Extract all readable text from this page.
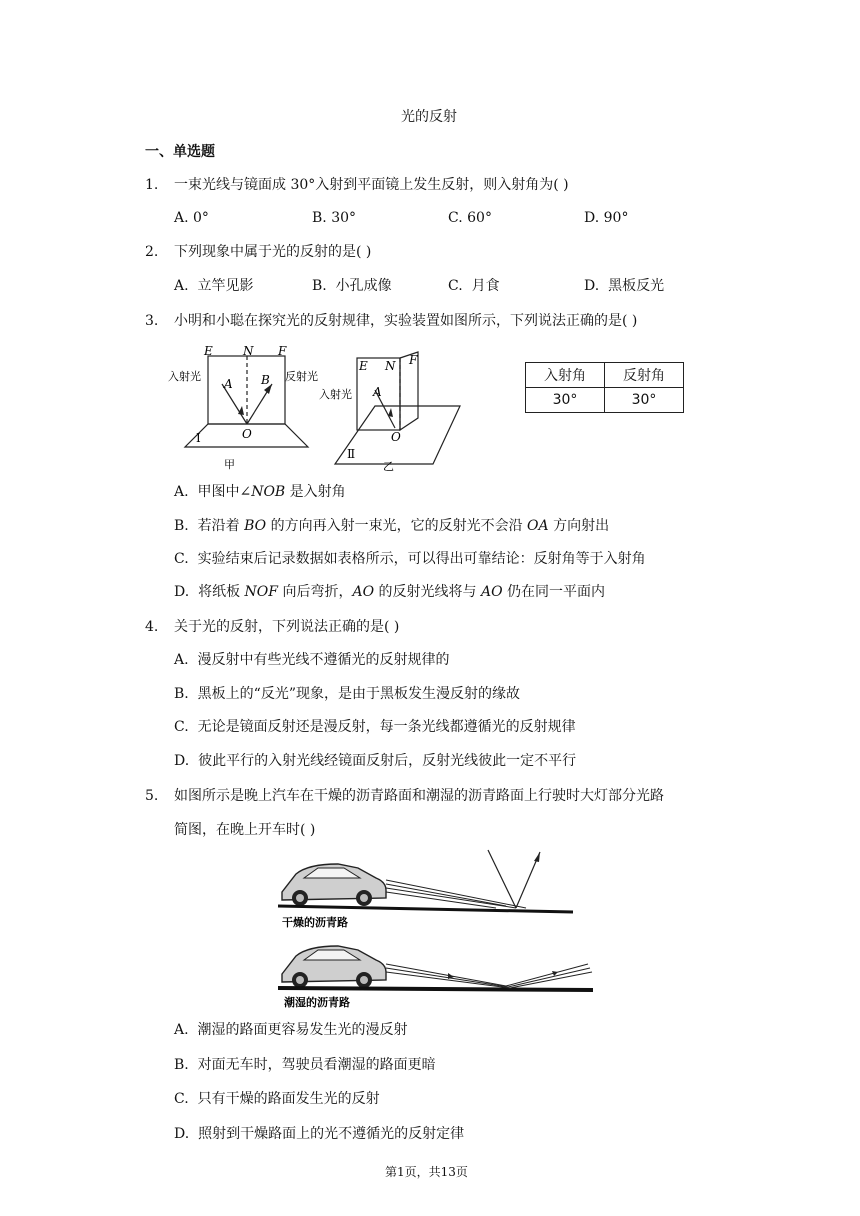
光的反射
一、单选题
1. 一束光线与镜面成 30°入射到平面镜上发生反射，则入射角为( )
A. 0°	B. 30°	C. 60°	D. 90°
2. 下列现象中属于光的反射的是( )
A. 立竿见影	B. 小孔成像	C. 月食	D. 黑板反光
3. 小明和小聪在探究光的反射规律，实验装置如图所示，下列说法正确的是( )
E	N F
A B
O
入射光	反射光
Ⅰ
甲
E N F
A
O
入射光
Ⅱ
乙
入射角	反射角
30°	30°
A. 甲图中∠NOB 是入射角
B. 若沿着 BO 的方向再入射一束光，它的反射光不会沿 OA 方向射出
C. 实验结束后记录数据如表格所示，可以得出可靠结论：反射角等于入射角
D. 将纸板 NOF 向后弯折，AO 的反射光线将与 AO 仍在同一平面内
4. 关于光的反射，下列说法正确的是( )
A. 漫反射中有些光线不遵循光的反射规律的
B. 黑板上的“反光”现象，是由于黑板发生漫反射的缘故
C. 无论是镜面反射还是漫反射，每一条光线都遵循光的反射规律
D. 彼此平行的入射光线经镜面反射后，反射光线彼此一定不平行
5. 如图所示是晚上汽车在干燥的沥青路面和潮湿的沥青路面上行驶时大灯部分光路
简图，在晚上开车时( )
干燥的沥青路
潮湿的沥青路
A. 潮湿的路面更容易发生光的漫反射
B. 对面无车时，驾驶员看潮湿的路面更暗
C. 只有干燥的路面发生光的反射
D. 照射到干燥路面上的光不遵循光的反射定律
第1页，共13页
